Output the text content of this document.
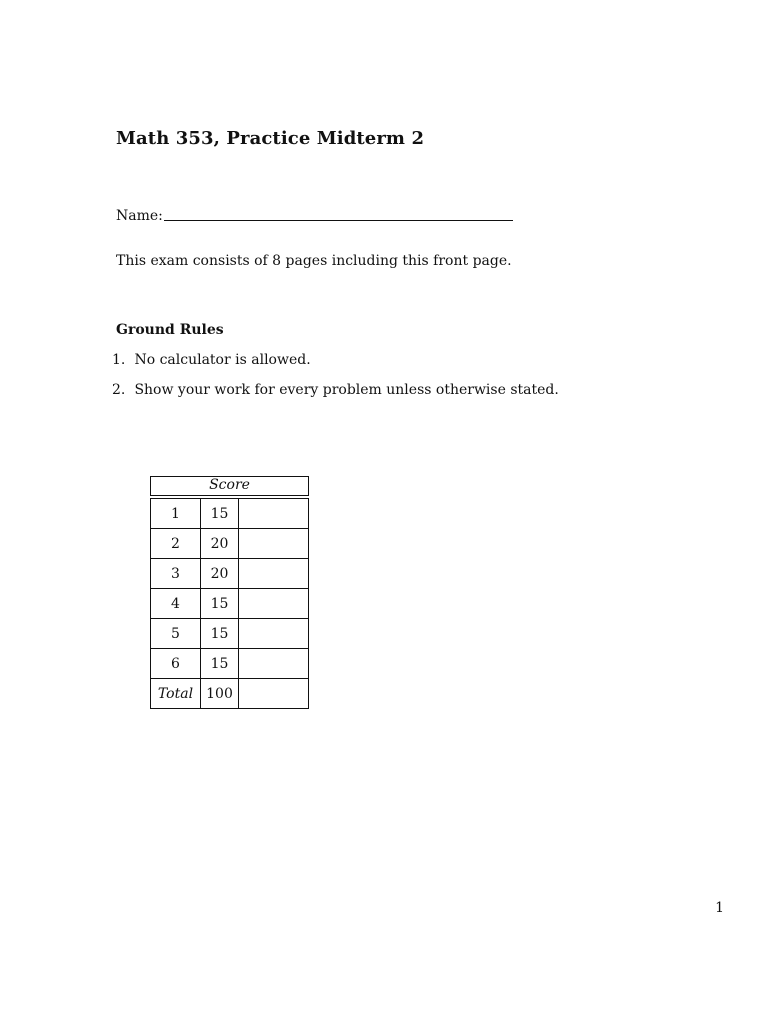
Math 353, Practice Midterm 2
Name:
This exam consists of 8 pages including this front page.
Ground Rules
1. No calculator is allowed.
2. Show your work for every problem unless otherwise stated.
Score
1	15	
2	20	
3	20	
4	15	
5	15	
6	15	
Total	100	
1
